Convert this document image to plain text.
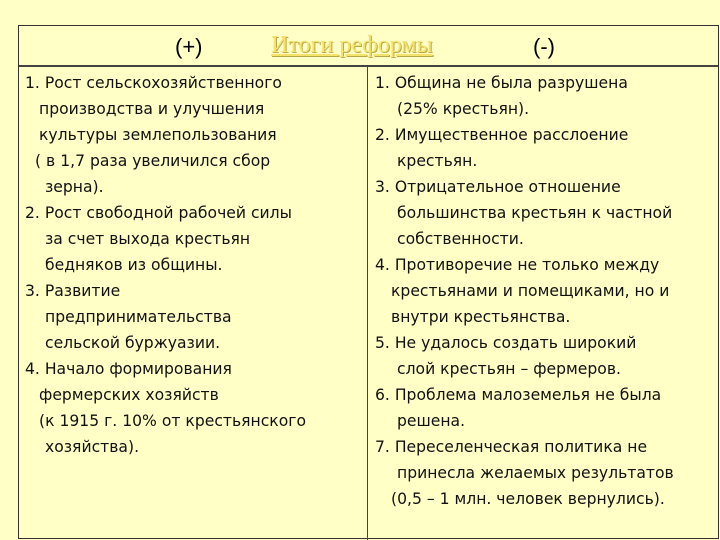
(+)	Итоги реформы	(-)
1. Рост сельскохозяйственного
производства и улучшения
культуры землепользования
( в 1,7 раза увеличился сбор
зерна).
2. Рост свободной рабочей силы
за счет выхода крестьян
бедняков из общины.
3. Развитие
предпринимательства
сельской буржуазии.
4. Начало формирования
фермерских хозяйств
(к 1915 г. 10% от крестьянского
хозяйства).
1. Община не была разрушена
(25% крестьян).
2. Имущественное расслоение
крестьян.
3. Отрицательное отношение
большинства крестьян к частной
собственности.
4. Противоречие не только между
крестьянами и помещиками, но и
внутри крестьянства.
5. Не удалось создать широкий
слой крестьян – фермеров.
6. Проблема малоземелья не была
решена.
7. Переселенческая политика не
принесла желаемых результатов
(0,5 – 1 млн. человек вернулись).
